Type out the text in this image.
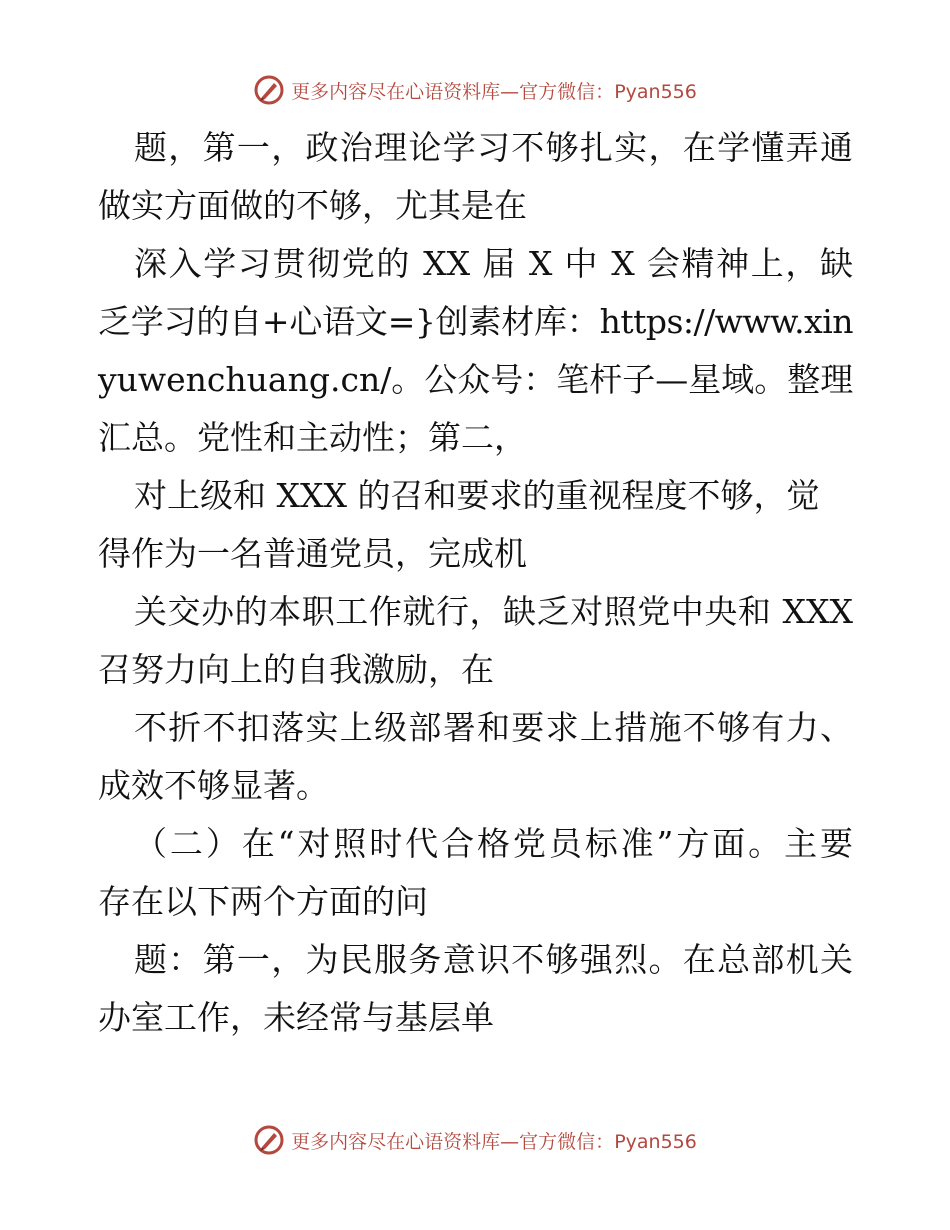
更多内容尽在心语资料库—官方微信：Pyan556
题，第一，政治理论学习不够扎实，在学懂弄通
做实方面做的不够，尤其是在
深入学习贯彻党的 XX 届 X 中 X 会精神上，缺
乏学习的自+心语文=}创素材库：https://www.xin
yuwenchuang.cn/。公众号：笔杆子—星域。整理
汇总。党性和主动性；第二，
对上级和 XXX 的召和要求的重视程度不够，觉
得作为一名普通党员，完成机
关交办的本职工作就行，缺乏对照党中央和 XXX
召努力向上的自我激励，在
不折不扣落实上级部署和要求上措施不够有力、
成效不够显著。
（二）在“对照时代合格党员标准”方面。主要
存在以下两个方面的问
题：第一，为民服务意识不够强烈。在总部机关
办室工作，未经常与基层单
更多内容尽在心语资料库—官方微信：Pyan556
